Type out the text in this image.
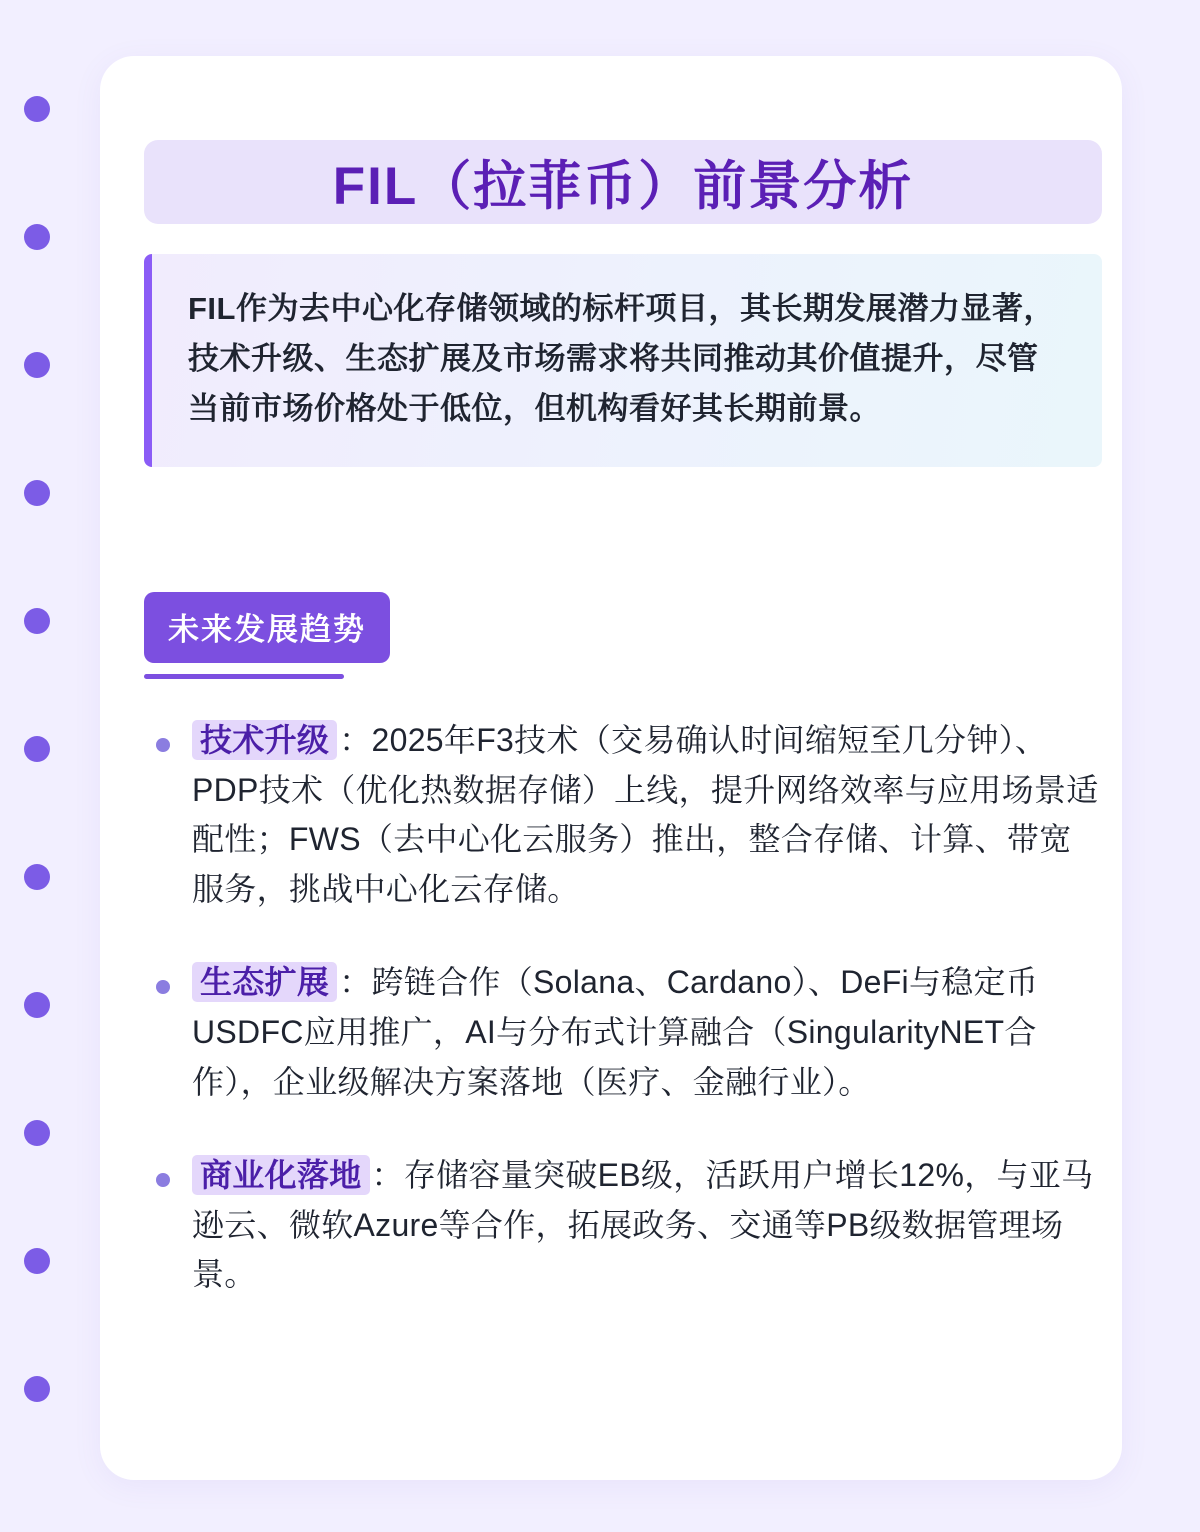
FIL（拉菲币）前景分析

FIL作为去中心化存储领域的标杆项目，其长期发展潜力显著，技术升级、生态扩展及市场需求将共同推动其价值提升，尽管当前市场价格处于低位，但机构看好其长期前景。

未来发展趋势
技术升级 ：2025年F3技术（交易确认时间缩短至几分钟）、PDP技术（优化热数据存储）上线，提升网络效率与应用场景适配性；FWS（去中心化云服务）推出，整合存储、计算、带宽服务，挑战中心化云存储。
生态扩展 ：跨链合作（Solana、Cardano）、DeFi与稳定币USDFC应用推广，AI与分布式计算融合（SingularityNET合作），企业级解决方案落地（医疗、金融行业）。
商业化落地 ：存储容量突破EB级，活跃用户增长12%，与亚马逊云、微软Azure等合作，拓展政务、交通等PB级数据管理场景。
